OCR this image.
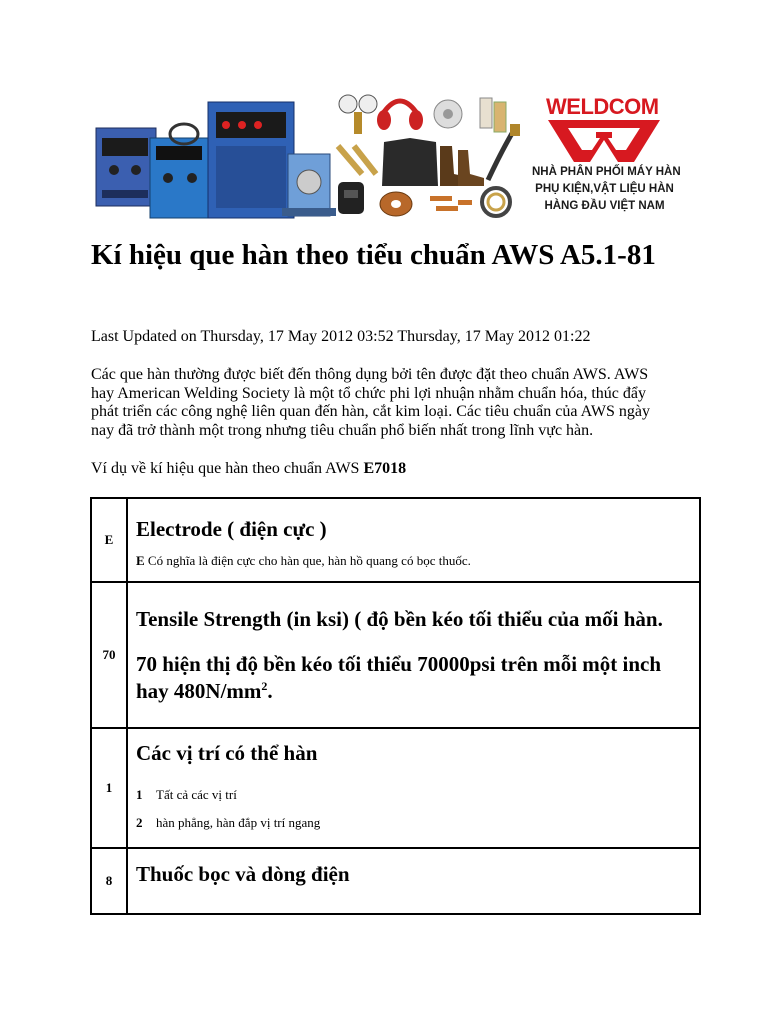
WELDCOM
NHÀ PHÂN PHỐI MÁY HÀN
PHỤ KIỆN,VẬT LIỆU HÀN
HÀNG ĐẦU VIỆT NAM
Kí hiệu que hàn theo tiểu chuẩn AWS A5.1-81

Last Updated on Thursday, 17 May 2012 03:52 Thursday, 17 May 2012 01:22

Các que hàn thường được biết đến thông dụng bởi tên được đặt theo chuẩn AWS. AWS hay American Welding Society là một tổ chức phi lợi nhuận nhằm chuẩn hóa, thúc đẩy phát triển các công nghệ liên quan đến hàn, cắt kim loại. Các tiêu chuẩn của AWS ngày nay đã trở thành một trong nhưng tiêu chuẩn phổ biến nhất trong lĩnh vực hàn.

Ví dụ về kí hiệu que hàn theo chuẩn AWS E7018

E	Electrode ( điện cực )

E Có nghĩa là điện cực cho hàn que, hàn hồ quang có bọc thuốc.

70	Tensile Strength (in ksi) ( độ bền kéo tối thiểu của mối hàn.

70 hiện thị độ bền kéo tối thiểu 70000psi trên mỗi một inch hay $480N/mm^2$.

1	Các vị trí có thể hàn

1 Tất cả các vị trí
2 hàn phẳng, hàn đắp vị trí ngang

8	Thuốc bọc và dòng điện
